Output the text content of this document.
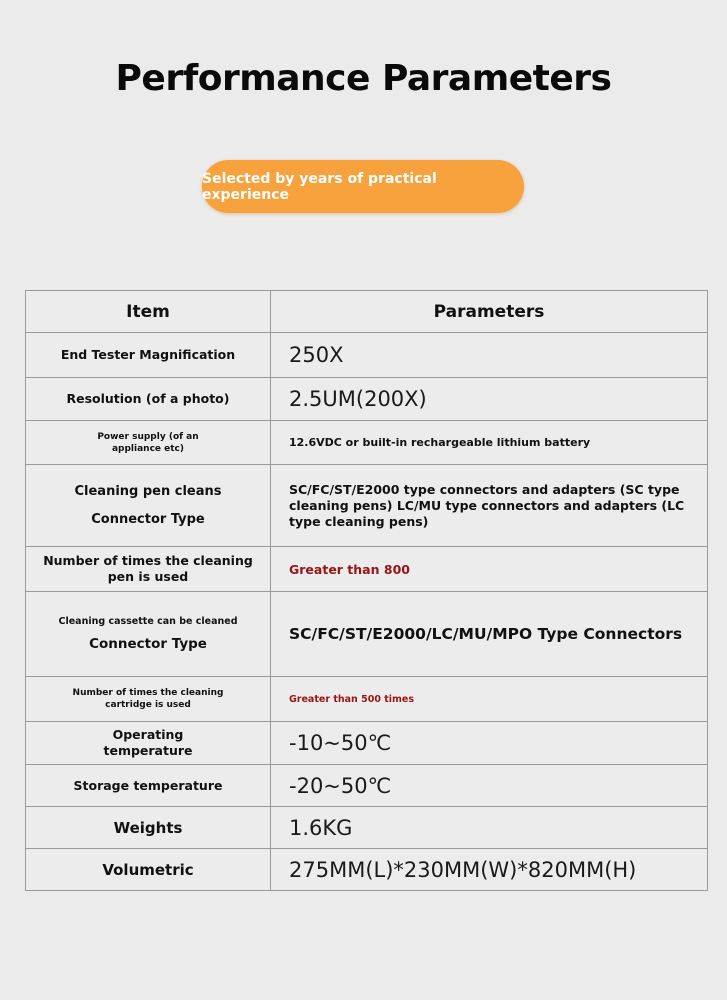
Performance Parameters
Selected by years of practical experience
Item	Parameters
End Tester Magnification	250X
Resolution (of a photo)	2.5UM(200X)

Power supply (of an
appliance etc)	12.6VDC or built-in rechargeable lithium battery

Cleaning pen cleans
Connector Type	SC/FC/ST/E2000 type connectors and adapters (SC type cleaning pens) LC/MU type connectors and adapters (LC type cleaning pens)

Number of times the cleaning
pen is used	Greater than 800

Cleaning cassette can be cleaned
Connector Type	SC/FC/ST/E2000/LC/MU/MPO Type Connectors

Number of times the cleaning
cartridge is used	Greater than 500 times

Operating
temperature	-10~50℃
Storage temperature	-20~50℃
Weights	1.6KG
Volumetric	275MM(L)*230MM(W)*820MM(H)
